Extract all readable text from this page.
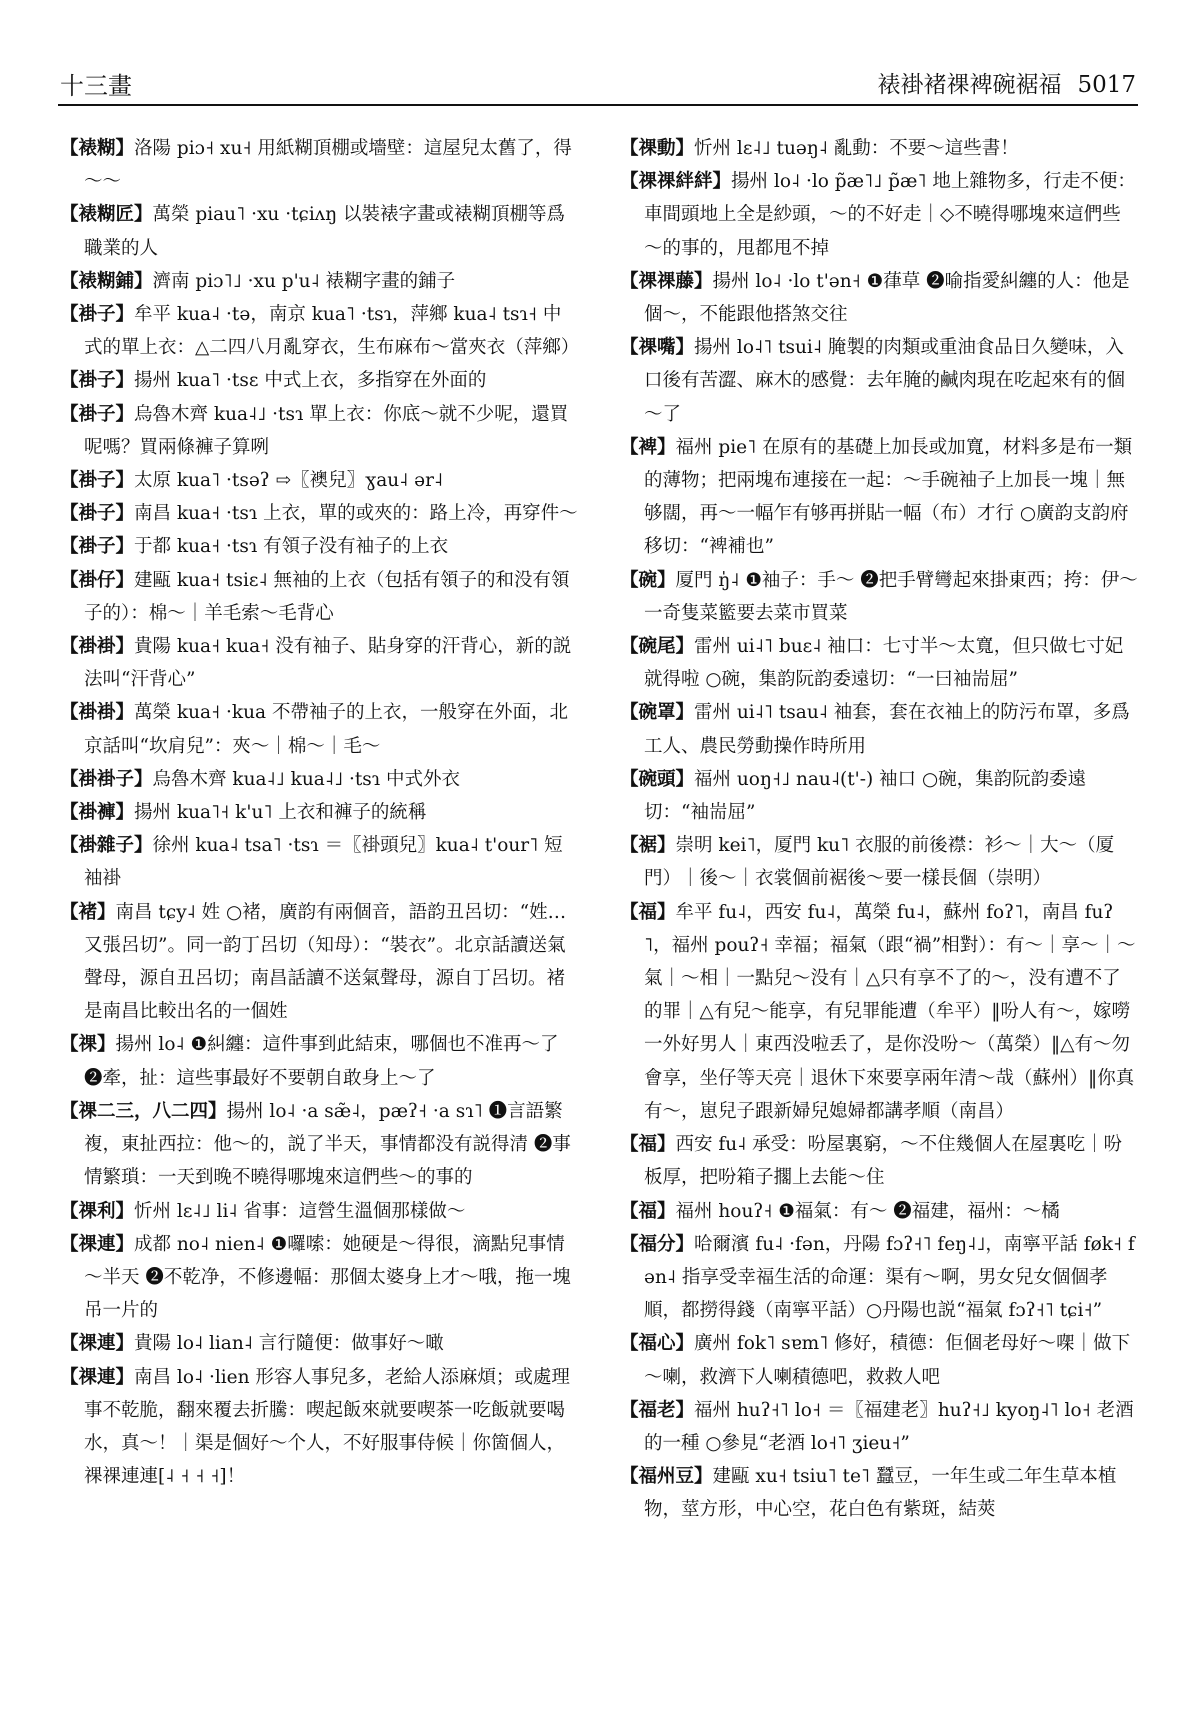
十三畫	裱褂褚祼裨碗裾福 5017

【裱糊】洛陽 piɔ˧ xu˧ 用紙糊頂棚或墻壁：這屋兒太舊了，得～～

【裱糊匠】萬榮 piau˥ ·xu ·tɕiʌŋ 以裝裱字畫或裱糊頂棚等爲職業的人

【裱糊鋪】濟南 piɔ˥˩ ·xu p'u˨ 裱糊字畫的鋪子

【褂子】牟平 kua˨ ·tə，南京 kua˥ ·tsɿ，萍鄉 kua˨ tsɿ˧ 中式的單上衣：△二四八月亂穿衣，生布麻布～當夾衣（萍鄉）

【褂子】揚州 kua˥ ·tsɛ 中式上衣，多指穿在外面的

【褂子】烏魯木齊 kua˨˩ ·tsɿ 單上衣：你底～就不少呢，還買呢嗎？買兩條褲子算咧

【褂子】太原 kua˥ ·tsəʔ ⇨〖襖兒〗ɣau˨ ər˨

【褂子】南昌 kua˧ ·tsɿ 上衣，單的或夾的：路上冷，再穿件～

【褂子】于都 kua˧ ·tsɿ 有領子没有袖子的上衣

【褂仔】建甌 kua˧ tsiɛ˨ 無袖的上衣（包括有領子的和没有領子的）：棉～｜羊毛索～毛背心

【褂褂】貴陽 kua˧ kua˧ 没有袖子、貼身穿的汗背心，新的説法叫“汗背心”

【褂褂】萬榮 kua˧ ·kua 不帶袖子的上衣，一般穿在外面，北京話叫“坎肩兒”：夾～｜棉～｜毛～

【褂褂子】烏魯木齊 kua˨˩ kua˨˩ ·tsɿ 中式外衣

【褂褲】揚州 kua˥˧ k'u˥ 上衣和褲子的統稱

【褂雜子】徐州 kua˨ tsa˥ ·tsɿ ＝〖褂頭兒〗kua˨ t'our˥ 短袖褂

【褚】南昌 tɕy˨ 姓 ○褚，廣韵有兩個音，語韵丑呂切：“姓…又張呂切”。同一韵丁呂切（知母）：“裝衣”。北京話讀送氣聲母，源自丑呂切；南昌話讀不送氣聲母，源自丁呂切。褚是南昌比較出名的一個姓

【祼】揚州 lo˨ ❶糾纏：這件事到此結束，哪個也不准再～了 ❷牽，扯：這些事最好不要朝自敢身上～了

【祼二三，八二四】揚州 lo˨ ·a sæ̃˨，pæʔ˧ ·a sɿ˥ ❶言語繁複，東扯西拉：他～的，説了半天，事情都没有説得清 ❷事情繁瑣：一天到晚不曉得哪塊來這們些～的事的

【祼利】忻州 lɛ˨˩ li˨ 省事：這營生溫個那樣做～

【祼連】成都 no˨ nien˨ ❶囉嗦：她硬是～得很，滴點兒事情～半天 ❷不乾净，不修邊幅：那個太婆身上才～哦，拖一塊吊一片的

【祼連】貴陽 lo˨ lian˨ 言行隨便：做事好～噉

【祼連】南昌 lo˨ ·lien 形容人事兒多，老給人添麻煩；或處理事不乾脆，翻來覆去折騰：喫起飯來就要喫茶一吃飯就要喝水，真～！｜渠是個好～个人，不好服事侍候｜你箇個人，祼祼連連[˨ ˧ ˧ ˧]！

【祼動】忻州 lɛ˨˩ tuəŋ˨ 亂動：不要～這些書！

【祼祼絆絆】揚州 lo˨ ·lo p̃æ˥˩ p̃æ˥ 地上雜物多，行走不便：車間頭地上全是紗頭，～的不好走｜◇不曉得哪塊來這們些～的事的，甩都甩不掉

【祼祼藤】揚州 lo˨ ·lo t'ən˧ ❶葎草 ❷喻指愛糾纏的人：他是個～，不能跟他搭煞交往

【祼嘴】揚州 lo˨˥ tsui˨ 腌製的肉類或重油食品日久變味，入口後有苦澀、麻木的感覺：去年腌的鹹肉現在吃起來有的個～了

【裨】福州 pie˥ 在原有的基礎上加長或加寬，材料多是布一類的薄物；把兩塊布連接在一起：～手碗袖子上加長一塊｜無够闊，再～一幅乍有够再拼貼一幅（布）才行 ○廣韵支韵府移切：“裨補也”

【碗】厦門 ŋ̍˨ ❶袖子：手～ ❷把手臂彎起來掛東西；挎：伊～一奇隻菜籃要去菜市買菜

【碗尾】雷州 ui˨˥ buɛ˨ 袖口：七寸半～太寬，但只做七寸妃就得啦 ○碗，集韵阮韵委遠切：“一曰袖耑屈”

【碗罩】雷州 ui˨˥ tsau˨ 袖套，套在衣袖上的防污布罩，多爲工人、農民勞動操作時所用

【碗頭】福州 uoŋ˧˩ nau˨(t'-) 袖口 ○碗，集韵阮韵委遠切：“袖耑屈”

【裾】崇明 kei˥，厦門 ku˥ 衣服的前後襟：衫～｜大～（厦門）｜後～｜衣裳個前裾後～要一樣長個（崇明）

【福】牟平 fu˨，西安 fu˨，萬榮 fu˨，蘇州 foʔ˥，南昌 fuʔ˥，福州 pouʔ˧ 幸福；福氣（跟“禍”相對）：有～｜享～｜～氣｜～相｜一點兒～没有｜△只有享不了的～，没有遭不了的罪｜△有兒～能享，有兒罪能遭（牟平）‖吩人有～，嫁嘮一外好男人｜東西没啦丢了，是你没吩～（萬榮）‖△有～勿會享，坐仔等天亮｜退休下來要享兩年清～哉（蘇州）‖你真有～，崽兒子跟新婦兒媳婦都講孝順（南昌）

【福】西安 fu˨ 承受：吩屋裏窮，～不住幾個人在屋裏吃｜吩板厚，把吩箱子擱上去能～住

【福】福州 houʔ˧ ❶福氣：有～ ❷福建，福州：～橘

【福分】哈爾濱 fu˨ ·fən，丹陽 fɔʔ˧˥ feŋ˨˩，南寧平話 føk˧ fən˨ 指享受幸福生活的命運：渠有～啊，男女兒女個個孝順，都撈得錢（南寧平話）○丹陽也説“福氣 fɔʔ˧˥ tɕi˧”

【福心】廣州 fok˥ sɐm˥ 修好，積德：佢個老母好～㗎｜做下～喇，救濟下人喇積德吧，救救人吧

【福老】福州 huʔ˧˥ lo˧ ＝〖福建老〗huʔ˧˩ kyoŋ˨˥ lo˧ 老酒的一種 ○參見“老酒 lo˧˥ ʒieu˧”

【福州豆】建甌 xu˧ tsiu˥ te˥ 蠶豆，一年生或二年生草本植物，莖方形，中心空，花白色有紫斑，結莢
